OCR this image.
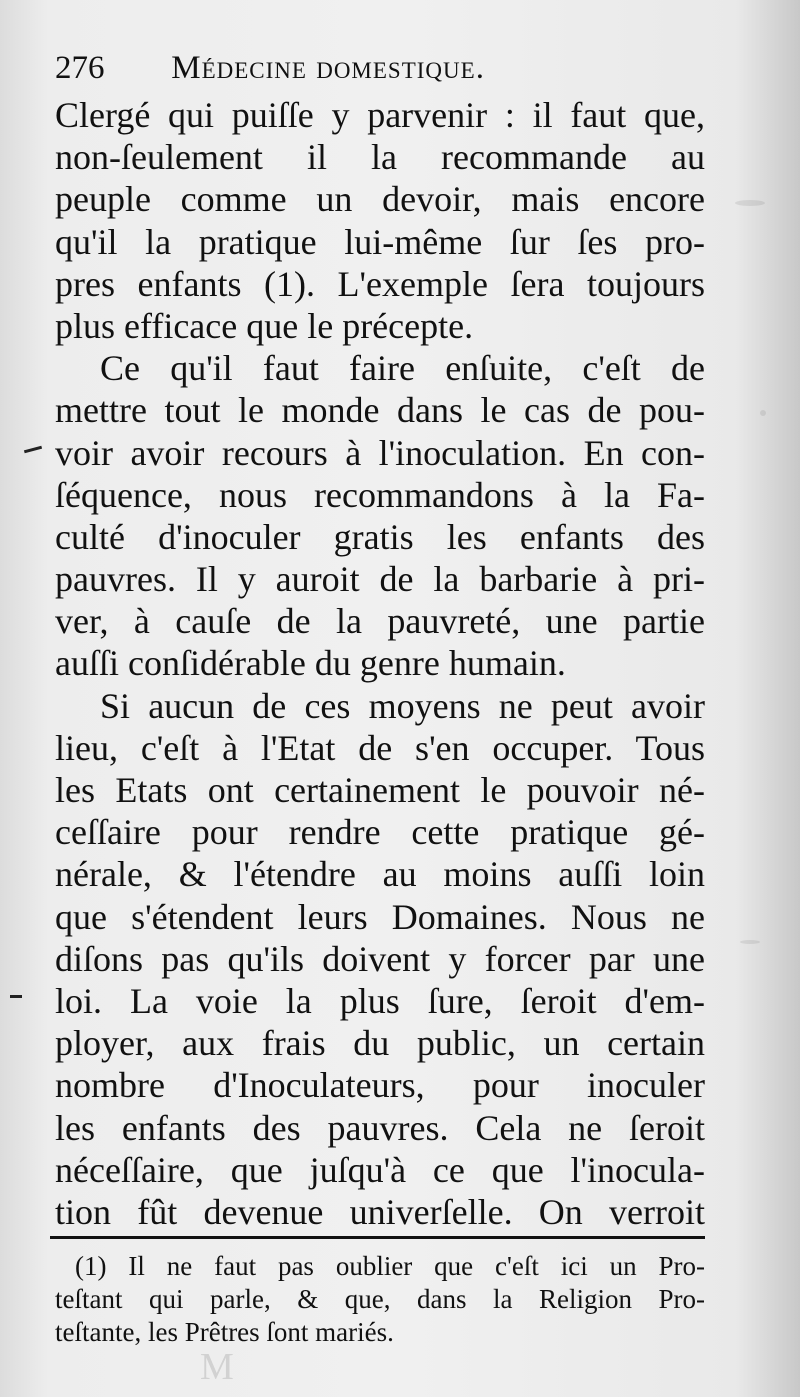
276 Médecine domestique.
Clergé qui puiſſe y parvenir : il faut que,
non-ſeulement il la recommande au
peuple comme un devoir, mais encore
qu'il la pratique lui-même ſur ſes pro-
pres enfants (1). L'exemple ſera toujours
plus efficace que le précepte.
Ce qu'il faut faire enſuite, c'eſt de
mettre tout le monde dans le cas de pou-
voir avoir recours à l'inoculation. En con-
ſéquence, nous recommandons à la Fa-
culté d'inoculer gratis les enfants des
pauvres. Il y auroit de la barbarie à pri-
ver, à cauſe de la pauvreté, une partie
auſſi conſidérable du genre humain.
Si aucun de ces moyens ne peut avoir
lieu, c'eſt à l'Etat de s'en occuper. Tous
les Etats ont certainement le pouvoir né-
ceſſaire pour rendre cette pratique gé-
nérale, & l'étendre au moins auſſi loin
que s'étendent leurs Domaines. Nous ne
diſons pas qu'ils doivent y forcer par une
loi. La voie la plus ſure, ſeroit d'em-
ployer, aux frais du public, un certain
nombre d'Inoculateurs, pour inoculer
les enfants des pauvres. Cela ne ſeroit
néceſſaire, que juſqu'à ce que l'inocula-
tion fût devenue univerſelle. On verroit
(1) Il ne faut pas oublier que c'eſt ici un Pro-
teſtant qui parle, & que, dans la Religion Pro-
teſtante, les Prêtres ſont mariés.
M
